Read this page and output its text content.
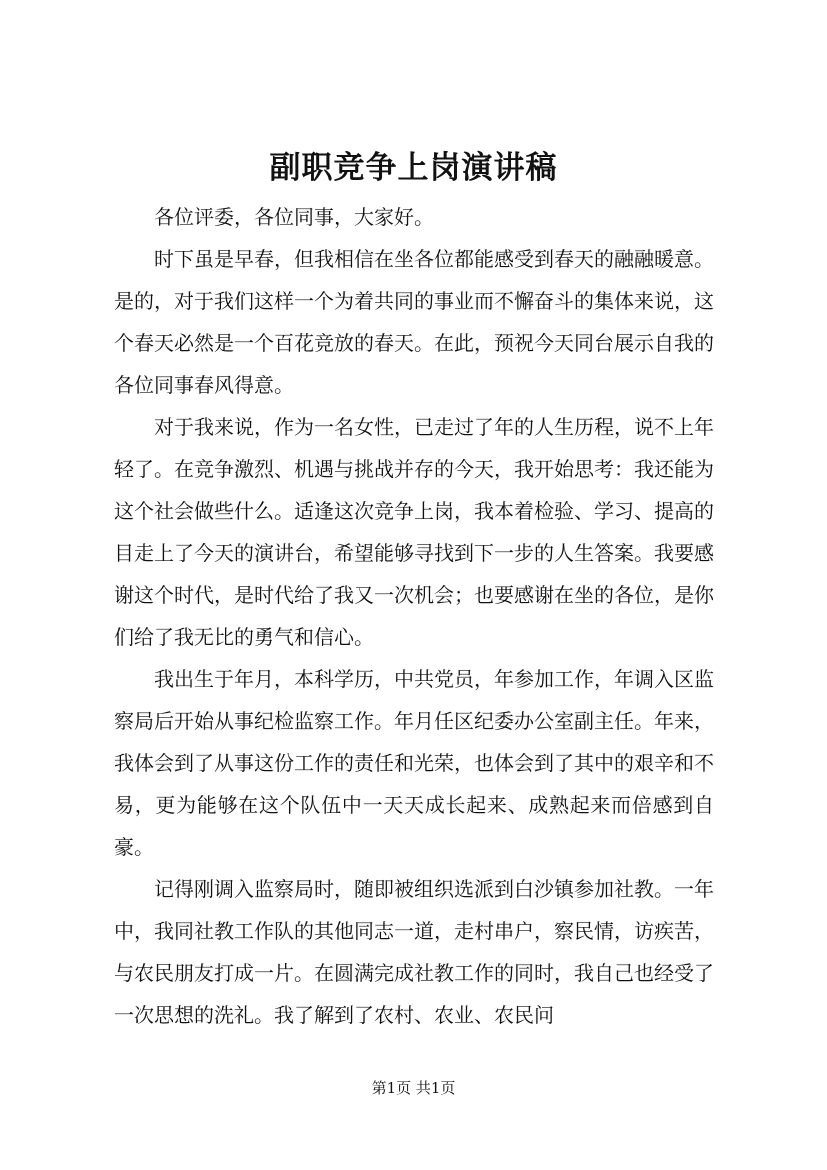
副职竞争上岗演讲稿

各位评委，各位同事，大家好。

时下虽是早春，但我相信在坐各位都能感受到春天的融融暖意。是的，对于我们这样一个为着共同的事业而不懈奋斗的集体来说，这个春天必然是一个百花竞放的春天。在此，预祝今天同台展示自我的各位同事春风得意。

对于我来说，作为一名女性，已走过了年的人生历程，说不上年轻了。在竞争激烈、机遇与挑战并存的今天，我开始思考：我还能为这个社会做些什么。适逢这次竞争上岗，我本着检验、学习、提高的目走上了今天的演讲台，希望能够寻找到下一步的人生答案。我要感谢这个时代，是时代给了我又一次机会；也要感谢在坐的各位，是你们给了我无比的勇气和信心。

我出生于年月，本科学历，中共党员，年参加工作，年调入区监察局后开始从事纪检监察工作。年月任区纪委办公室副主任。年来，我体会到了从事这份工作的责任和光荣，也体会到了其中的艰辛和不易，更为能够在这个队伍中一天天成长起来、成熟起来而倍感到自豪。

记得刚调入监察局时，随即被组织选派到白沙镇参加社教。一年中，我同社教工作队的其他同志一道，走村串户，察民情，访疾苦，与农民朋友打成一片。在圆满完成社教工作的同时，我自己也经受了一次思想的洗礼。我了解到了农村、农业、农民问

第1页 共1页
